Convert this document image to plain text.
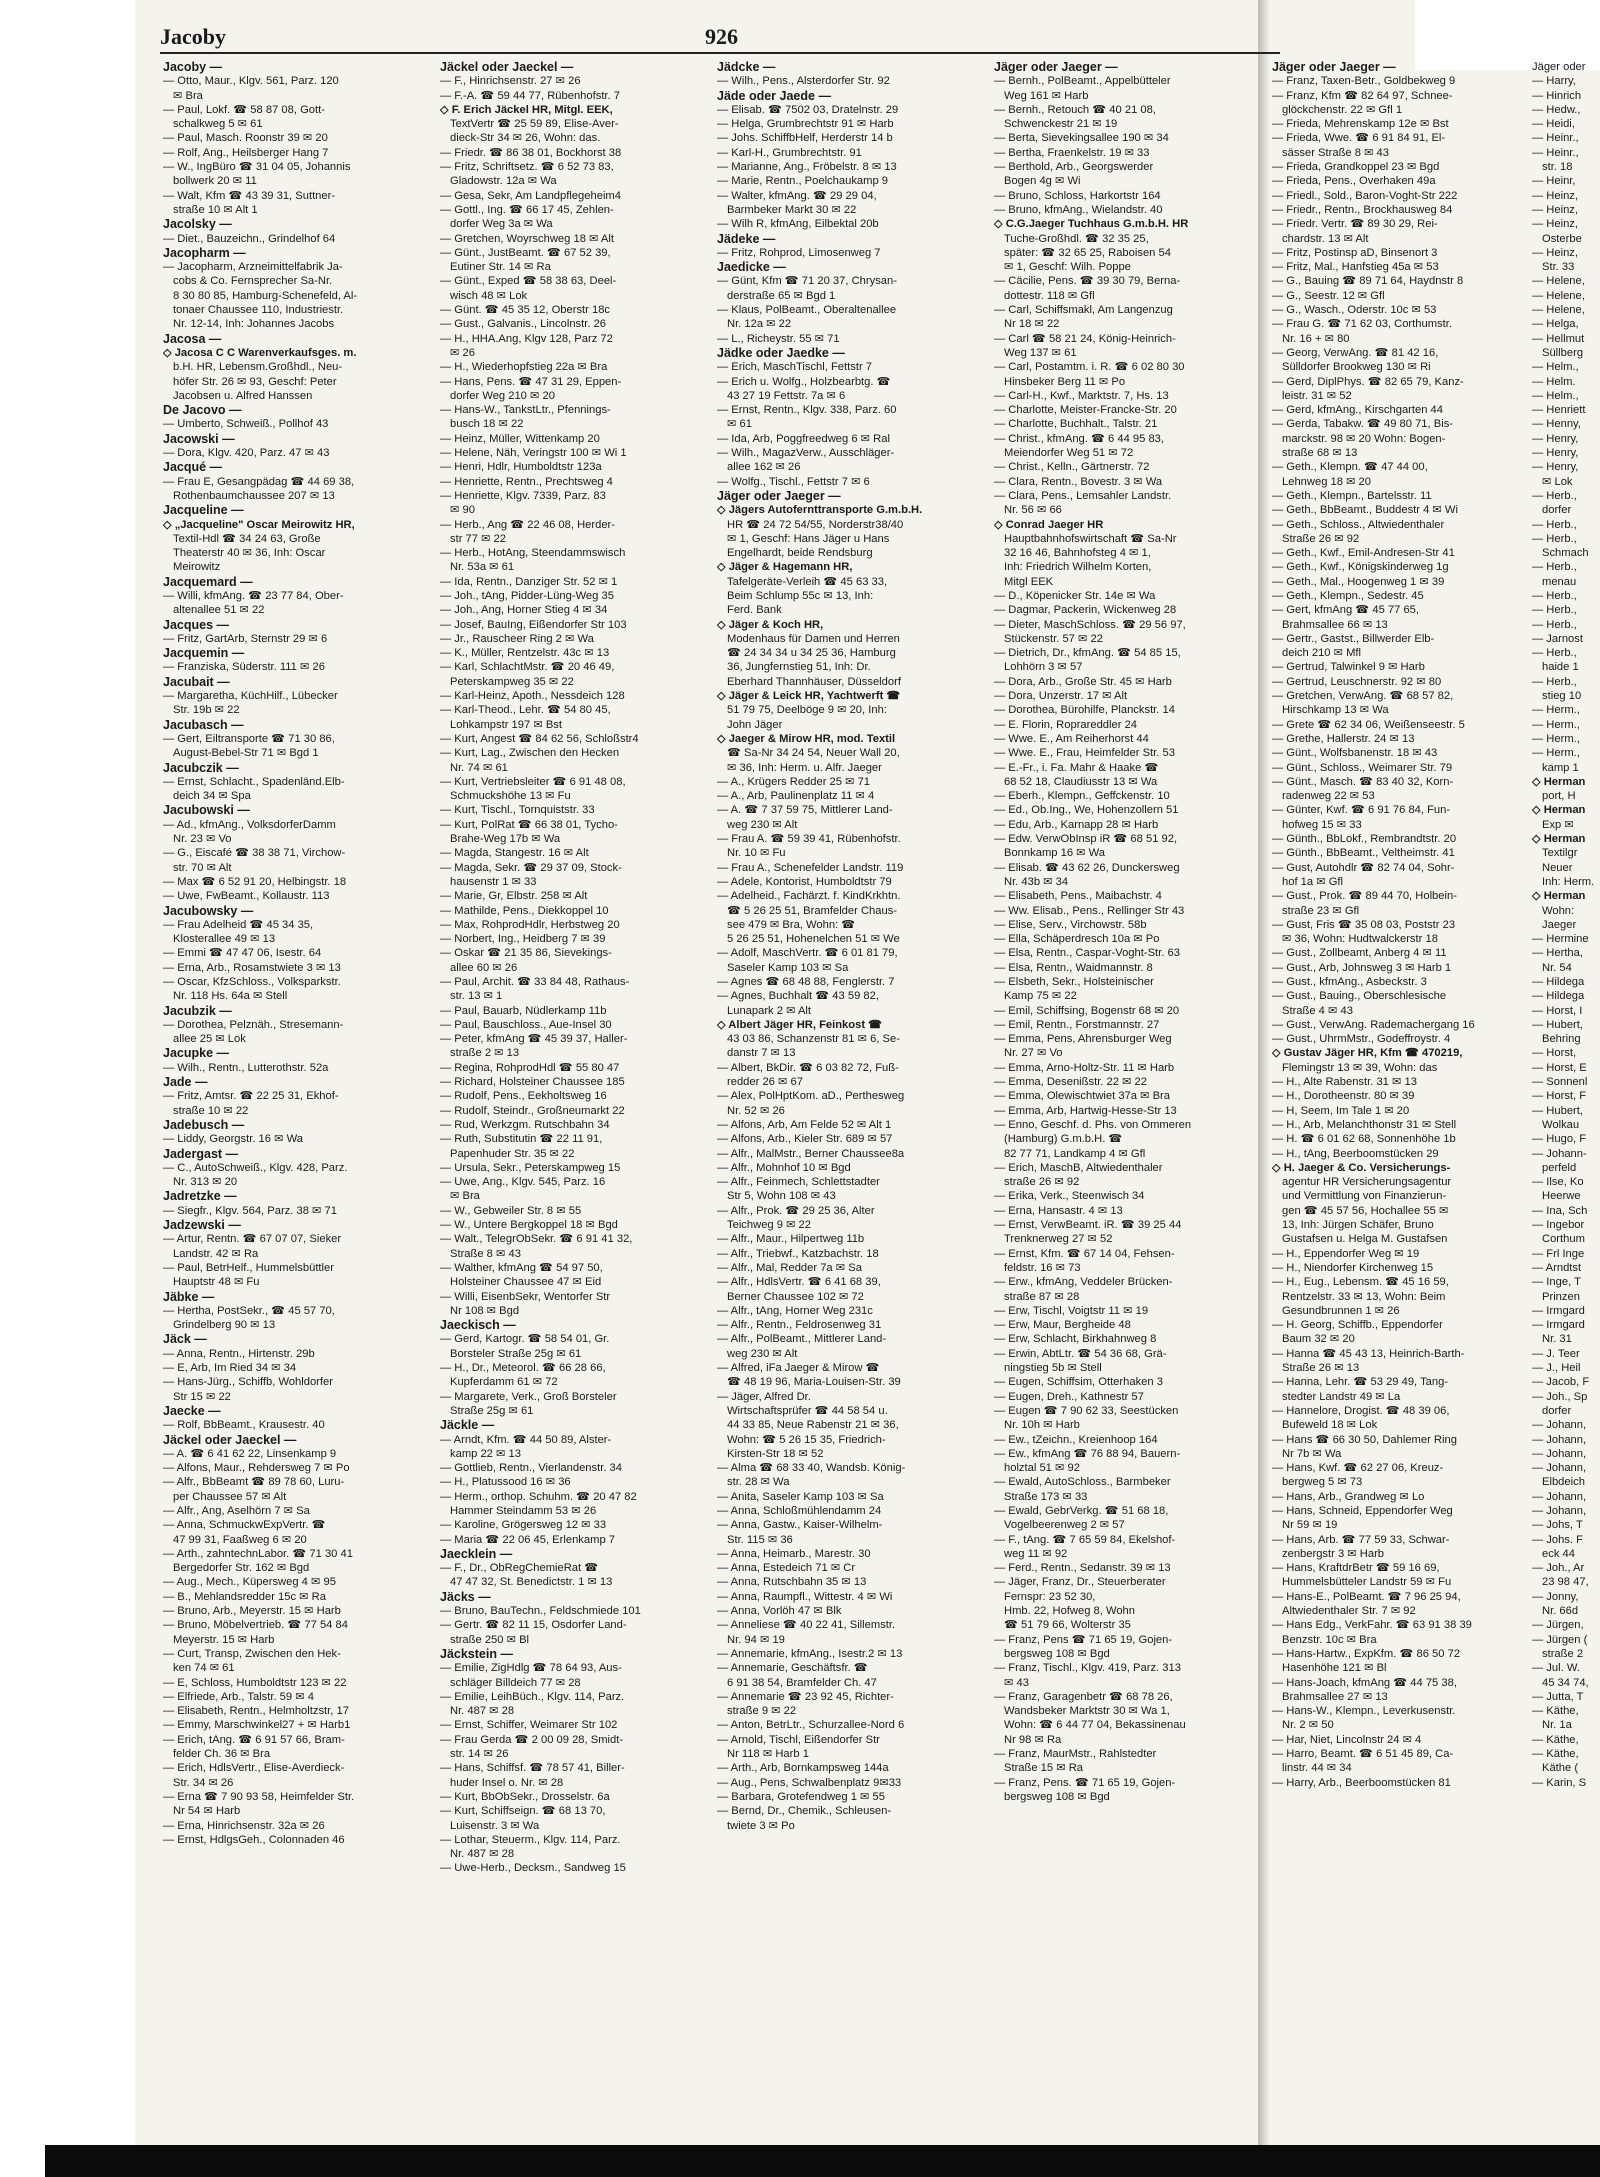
Jacoby	926
Jacoby —
— Otto, Maur., Klgv. 561, Parz. 120
✉ Bra
— Paul, Lokf. ☎ 58 87 08, Gott-
schalkweg 5 ✉ 61
— Paul, Masch. Roonstr 39 ✉ 20
— Rolf, Ang., Heilsberger Hang 7
— W., IngBüro ☎ 31 04 05, Johannis
bollwerk 20 ✉ 11
— Walt, Kfm ☎ 43 39 31, Suttner-
straße 10 ✉ Alt 1
Jacolsky —
— Diet., Bauzeichn., Grindelhof 64
Jacopharm —
— Jacopharm, Arzneimittelfabrik Ja-
cobs & Co. Fernsprecher Sa-Nr.
8 30 80 85, Hamburg-Schenefeld, Al-
tonaer Chaussee 110, Industriestr.
Nr. 12-14, Inh: Johannes Jacobs
Jacosa —
◇ Jacosa C C Warenverkaufsges. m.
b.H. HR, Lebensm.Großhdl., Neu-
höfer Str. 26 ✉ 93, Geschf: Peter
Jacobsen u. Alfred Hanssen
De Jacovo —
— Umberto, Schweiß., Pollhof 43
Jacowski —
— Dora, Klgv. 420, Parz. 47 ✉ 43
Jacqué —
— Frau E, Gesangpädag ☎ 44 69 38,
Rothenbaumchaussee 207 ✉ 13
Jacqueline —
◇ „Jacqueline" Oscar Meirowitz HR,
Textil-Hdl ☎ 34 24 63, Große
Theaterstr 40 ✉ 36, Inh: Oscar
Meirowitz
Jacquemard —
— Willi, kfmAng. ☎ 23 77 84, Ober-
altenallee 51 ✉ 22
Jacques —
— Fritz, GartArb, Sternstr 29 ✉ 6
Jacquemin —
— Franziska, Süderstr. 111 ✉ 26
Jacubait —
— Margaretha, KüchHilf., Lübecker
Str. 19b ✉ 22
Jacubasch —
— Gert, Eiltransporte ☎ 71 30 86,
August-Bebel-Str 71 ✉ Bgd 1
Jacubczik —
— Ernst, Schlacht., Spadenländ.Elb-
deich 34 ✉ Spa
Jacubowski —
— Ad., kfmAng., VolksdorferDamm
Nr. 23 ✉ Vo
— G., Eiscafé ☎ 38 38 71, Virchow-
str. 70 ✉ Alt
— Max ☎ 6 52 91 20, Helbingstr. 18
— Uwe, FwBeamt., Kollaustr. 113
Jacubowsky —
— Frau Adelheid ☎ 45 34 35,
Klosterallee 49 ✉ 13
— Emmi ☎ 47 47 06, Isestr. 64
— Erna, Arb., Rosamstwiete 3 ✉ 13
— Oscar, KfzSchloss., Volksparkstr.
Nr. 118 Hs. 64a ✉ Stell
Jacubzik —
— Dorothea, Pelznäh., Stresemann-
allee 25 ✉ Lok
Jacupke —
— Wilh., Rentn., Lutterothstr. 52a
Jade —
— Fritz, Amtsr. ☎ 22 25 31, Ekhof-
straße 10 ✉ 22
Jadebusch —
— Liddy, Georgstr. 16 ✉ Wa
Jadergast —
— C., AutoSchweiß., Klgv. 428, Parz.
Nr. 313 ✉ 20
Jadretzke —
— Siegfr., Klgv. 564, Parz. 38 ✉ 71
Jadzewski —
— Artur, Rentn. ☎ 67 07 07, Sieker
Landstr. 42 ✉ Ra
— Paul, BetrHelf., Hummelsbüttler
Hauptstr 48 ✉ Fu
Jäbke —
— Hertha, PostSekr., ☎ 45 57 70,
Grindelberg 90 ✉ 13
Jäck —
— Anna, Rentn., Hirtenstr. 29b
— E, Arb, Im Ried 34 ✉ 34
— Hans-Jürg., Schiffb, Wohldorfer
Str 15 ✉ 22
Jaecke —
— Rolf, BbBeamt., Krausestr. 40
Jäckel oder Jaeckel —
— A. ☎ 6 41 62 22, Linsenkamp 9
— Alfons, Maur., Rehdersweg 7 ✉ Po
— Alfr., BbBeamt ☎ 89 78 60, Luru-
per Chaussee 57 ✉ Alt
— Alfr., Ang, Aselhörn 7 ✉ Sa
— Anna, SchmuckwExpVertr. ☎
47 99 31, Faaßweg 6 ✉ 20
— Arth., zahntechnLabor. ☎ 71 30 41
Bergedorfer Str. 162 ✉ Bgd
— Aug., Mech., Küpersweg 4 ✉ 95
— B., Mehlandsredder 15c ✉ Ra
— Bruno, Arb., Meyerstr. 15 ✉ Harb
— Bruno, Möbelvertrieb. ☎ 77 54 84
Meyerstr. 15 ✉ Harb
— Curt, Transp, Zwischen den Hek-
ken 74 ✉ 61
— E, Schloss, Humboldtstr 123 ✉ 22
— Elfriede, Arb., Talstr. 59 ✉ 4
— Elisabeth, Rentn., Helmholtzstr, 17
— Emmy, Marschwinkel27 + ✉ Harb1
— Erich, tAng. ☎ 6 91 57 66, Bram-
felder Ch. 36 ✉ Bra
— Erich, HdlsVertr., Elise-Averdieck-
Str. 34 ✉ 26
— Erna ☎ 7 90 93 58, Heimfelder Str.
Nr 54 ✉ Harb
— Erna, Hinrichsenstr. 32a ✉ 26
— Ernst, HdlgsGeh., Colonnaden 46
Jäckel oder Jaeckel —
— F., Hinrichsenstr. 27 ✉ 26
— F.-A. ☎ 59 44 77, Rübenhofstr. 7
◇ F. Erich Jäckel HR, Mitgl. EEK,
TextVertr ☎ 25 59 89, Elise-Aver-
dieck-Str 34 ✉ 26, Wohn: das.
— Friedr. ☎ 86 38 01, Bockhorst 38
— Fritz, Schriftsetz. ☎ 6 52 73 83,
Gladowstr. 12a ✉ Wa
— Gesa, Sekr, Am Landpflegeheim4
— Gottl., Ing. ☎ 66 17 45, Zehlen-
dorfer Weg 3a ✉ Wa
— Gretchen, Woyrschweg 18 ✉ Alt
— Günt., JustBeamt. ☎ 67 52 39,
Eutiner Str. 14 ✉ Ra
— Günt., Exped ☎ 58 38 63, Deel-
wisch 48 ✉ Lok
— Günt. ☎ 45 35 12, Oberstr 18c
— Gust., Galvanis., Lincolnstr. 26
— H., HHA.Ang, Klgv 128, Parz 72
✉ 26
— H., Wiederhopfstieg 22a ✉ Bra
— Hans, Pens. ☎ 47 31 29, Eppen-
dorfer Weg 210 ✉ 20
— Hans-W., TankstLtr., Pfennings-
busch 18 ✉ 22
— Heinz, Müller, Wittenkamp 20
— Helene, Näh, Veringstr 100 ✉ Wi 1
— Henri, Hdlr, Humboldtstr 123a
— Henriette, Rentn., Prechtsweg 4
— Henriette, Klgv. 7339, Parz. 83
✉ 90
— Herb., Ang ☎ 22 46 08, Herder-
str 77 ✉ 22
— Herb., HotAng, Steendammswisch
Nr. 53a ✉ 61
— Ida, Rentn., Danziger Str. 52 ✉ 1
— Joh., tAng, Pidder-Lüng-Weg 35
— Joh., Ang, Horner Stieg 4 ✉ 34
— Josef, BauIng, Eißendorfer Str 103
— Jr., Rauscheer Ring 2 ✉ Wa
— K., Müller, Rentzelstr. 43c ✉ 13
— Karl, SchlachtMstr. ☎ 20 46 49,
Peterskampweg 35 ✉ 22
— Karl-Heinz, Apoth., Nessdeich 128
— Karl-Theod., Lehr. ☎ 54 80 45,
Lohkampstr 197 ✉ Bst
— Kurt, Angest ☎ 84 62 56, Schloßstr4
— Kurt, Lag., Zwischen den Hecken
Nr. 74 ✉ 61
— Kurt, Vertriebsleiter ☎ 6 91 48 08,
Schmuckshöhe 13 ✉ Fu
— Kurt, Tischl., Tornquiststr. 33
— Kurt, PolRat ☎ 66 38 01, Tycho-
Brahe-Weg 17b ✉ Wa
— Magda, Stangestr. 16 ✉ Alt
— Magda, Sekr. ☎ 29 37 09, Stock-
hausenstr 1 ✉ 33
— Marie, Gr, Elbstr. 258 ✉ Alt
— Mathilde, Pens., Diekkoppel 10
— Max, RohprodHdlr, Herbstweg 20
— Norbert, Ing., Heidberg 7 ✉ 39
— Oskar ☎ 21 35 86, Sievekings-
allee 60 ✉ 26
— Paul, Archit. ☎ 33 84 48, Rathaus-
str. 13 ✉ 1
— Paul, Bauarb, Nüdlerkamp 11b
— Paul, Bauschloss., Aue-Insel 30
— Peter, kfmAng ☎ 45 39 37, Haller-
straße 2 ✉ 13
— Regina, RohprodHdl ☎ 55 80 47
— Richard, Holsteiner Chaussee 185
— Rudolf, Pens., Eekholtsweg 16
— Rudolf, Steindr., Großneumarkt 22
— Rud, Werkzgm. Rutschbahn 34
— Ruth, Substitutin ☎ 22 11 91,
Papenhuder Str. 35 ✉ 22
— Ursula, Sekr., Peterskampweg 15
— Uwe, Ang., Klgv. 545, Parz. 16
✉ Bra
— W., Gebweiler Str. 8 ✉ 55
— W., Untere Bergkoppel 18 ✉ Bgd
— Walt., TelegrObSekr. ☎ 6 91 41 32,
Straße 8 ✉ 43
— Walther, kfmAng ☎ 54 97 50,
Holsteiner Chaussee 47 ✉ Eid
— Willi, EisenbSekr, Wentorfer Str
Nr 108 ✉ Bgd
Jaeckisch —
— Gerd, Kartogr. ☎ 58 54 01, Gr.
Borsteler Straße 25g ✉ 61
— H., Dr., Meteorol. ☎ 66 28 66,
Kupferdamm 61 ✉ 72
— Margarete, Verk., Groß Borsteler
Straße 25g ✉ 61
Jäckle —
— Arndt, Kfm. ☎ 44 50 89, Alster-
kamp 22 ✉ 13
— Gottlieb, Rentn., Vierlandenstr. 34
— H., Platussood 16 ✉ 36
— Herm., orthop. Schuhm. ☎ 20 47 82
Hammer Steindamm 53 ✉ 26
— Karoline, Grögersweg 12 ✉ 33
— Maria ☎ 22 06 45, Erlenkamp 7
Jaecklein —
— F., Dr., ObRegChemieRat ☎
47 47 32, St. Benedictstr. 1 ✉ 13
Jäcks —
— Bruno, BauTechn., Feldschmiede 101
— Gertr. ☎ 82 11 15, Osdorfer Land-
straße 250 ✉ Bl
Jäckstein —
— Emilie, ZigHdlg ☎ 78 64 93, Aus-
schläger Billdeich 77 ✉ 28
— Emilie, LeihBüch., Klgv. 114, Parz.
Nr. 487 ✉ 28
— Ernst, Schiffer, Weimarer Str 102
— Frau Gerda ☎ 2 00 09 28, Smidt-
str. 14 ✉ 26
— Hans, Schiffsf. ☎ 78 57 41, Biller-
huder Insel o. Nr. ✉ 28
— Kurt, BbObSekr., Drosselstr. 6a
— Kurt, Schiffseign. ☎ 68 13 70,
Luisenstr. 3 ✉ Wa
— Lothar, Steuerm., Klgv. 114, Parz.
Nr. 487 ✉ 28
— Uwe-Herb., Decksm., Sandweg 15
Jädcke —
— Wilh., Pens., Alsterdorfer Str. 92
Jäde oder Jaede —
— Elisab. ☎ 7502 03, Dratelnstr. 29
— Helga, Grumbrechtstr 91 ✉ Harb
— Johs. SchiffbHelf, Herderstr 14 b
— Karl-H., Grumbrechtstr. 91
— Marianne, Ang., Fröbelstr. 8 ✉ 13
— Marie, Rentn., Poelchaukamp 9
— Walter, kfmAng. ☎ 29 29 04,
Barmbeker Markt 30 ✉ 22
— Wilh R, kfmAng, Eilbektal 20b
Jädeke —
— Fritz, Rohprod, Limosenweg 7
Jaedicke —
— Günt, Kfm ☎ 71 20 37, Chrysan-
derstraße 65 ✉ Bgd 1
— Klaus, PolBeamt., Oberaltenallee
Nr. 12a ✉ 22
— L., Richeystr. 55 ✉ 71
Jädke oder Jaedke —
— Erich, MaschTischl, Fettstr 7
— Erich u. Wolfg., Holzbearbtg. ☎
43 27 19 Fettstr. 7a ✉ 6
— Ernst, Rentn., Klgv. 338, Parz. 60
✉ 61
— Ida, Arb, Poggfreedweg 6 ✉ Ral
— Wilh., MagazVerw., Ausschläger-
allee 162 ✉ 26
— Wolfg., Tischl., Fettstr 7 ✉ 6
Jäger oder Jaeger —
◇ Jägers Autofernttransporte G.m.b.H.
HR ☎ 24 72 54/55, Norderstr38/40
✉ 1, Geschf: Hans Jäger u Hans
Engelhardt, beide Rendsburg
◇ Jäger & Hagemann HR,
Tafelgeräte-Verleih ☎ 45 63 33,
Beim Schlump 55c ✉ 13, Inh:
Ferd. Bank
◇ Jäger & Koch HR,
Modenhaus für Damen und Herren
☎ 24 34 34 u 34 25 36, Hamburg
36, Jungfernstieg 51, Inh: Dr.
Eberhard Thannhäuser, Düsseldorf
◇ Jäger & Leick HR, Yachtwerft ☎
51 79 75, Deelböge 9 ✉ 20, Inh:
John Jäger
◇ Jaeger & Mirow HR, mod. Textil
☎ Sa-Nr 34 24 54, Neuer Wall 20,
✉ 36, Inh: Herm. u. Alfr. Jaeger
— A., Krügers Redder 25 ✉ 71
— A., Arb, Paulinenplatz 11 ✉ 4
— A. ☎ 7 37 59 75, Mittlerer Land-
weg 230 ✉ Alt
— Frau A. ☎ 59 39 41, Rübenhofstr.
Nr. 10 ✉ Fu
— Frau A., Schenefelder Landstr. 119
— Adele, Kontorist, Humboldtstr 79
— Adelheid., Fachärzt. f. KindKrkhtn.
☎ 5 26 25 51, Bramfelder Chaus-
see 479 ✉ Bra, Wohn: ☎
5 26 25 51, Hohenelchen 51 ✉ We
— Adolf, MaschVertr. ☎ 6 01 81 79,
Saseler Kamp 103 ✉ Sa
— Agnes ☎ 68 48 88, Fenglerstr. 7
— Agnes, Buchhalt ☎ 43 59 82,
Lunapark 2 ✉ Alt
◇ Albert Jäger HR, Feinkost ☎
43 03 86, Schanzenstr 81 ✉ 6, Se-
danstr 7 ✉ 13
— Albert, BkDir. ☎ 6 03 82 72, Fuß-
redder 26 ✉ 67
— Alex, PolHptKom. aD., Perthesweg
Nr. 52 ✉ 26
— Alfons, Arb, Am Felde 52 ✉ Alt 1
— Alfons, Arb., Kieler Str. 689 ✉ 57
— Alfr., MalMstr., Berner Chaussee8a
— Alfr., Mohnhof 10 ✉ Bgd
— Alfr., Feinmech, Schlettstadter
Str 5, Wohn 108 ✉ 43
— Alfr., Prok. ☎ 29 25 36, Alter
Teichweg 9 ✉ 22
— Alfr., Maur., Hilpertweg 11b
— Alfr., Triebwf., Katzbachstr. 18
— Alfr., Mal, Redder 7a ✉ Sa
— Alfr., HdlsVertr. ☎ 6 41 68 39,
Berner Chaussee 102 ✉ 72
— Alfr., tAng, Horner Weg 231c
— Alfr., Rentn., Feldrosenweg 31
— Alfr., PolBeamt., Mittlerer Land-
weg 230 ✉ Alt
— Alfred, iFa Jaeger & Mirow ☎
☎ 48 19 96, Maria-Louisen-Str. 39
— Jäger, Alfred Dr.
Wirtschaftsprüfer ☎ 44 58 54 u.
44 33 85, Neue Rabenstr 21 ✉ 36,
Wohn: ☎ 5 26 15 35, Friedrich-
Kirsten-Str 18 ✉ 52
— Alma ☎ 68 33 40, Wandsb. König-
str. 28 ✉ Wa
— Anita, Saseler Kamp 103 ✉ Sa
— Anna, Schloßmühlendamm 24
— Anna, Gastw., Kaiser-Wilhelm-
Str. 115 ✉ 36
— Anna, Heimarb., Marestr. 30
— Anna, Estedeich 71 ✉ Cr
— Anna, Rutschbahn 35 ✉ 13
— Anna, Raumpfl., Wittestr. 4 ✉ Wi
— Anna, Vorlöh 47 ✉ Blk
— Anneliese ☎ 40 22 41, Sillemstr.
Nr. 94 ✉ 19
— Annemarie, kfmAng., Isestr.2 ✉ 13
— Annemarie, Geschäftsfr. ☎
6 91 38 54, Bramfelder Ch. 47
— Annemarie ☎ 23 92 45, Richter-
straße 9 ✉ 22
— Anton, BetrLtr., Schurzallee-Nord 6
— Arnold, Tischl, Eißendorfer Str
Nr 118 ✉ Harb 1
— Arth., Arb, Bornkampsweg 144a
— Aug., Pens, Schwalbenplatz 9✉33
— Barbara, Grotefendweg 1 ✉ 55
— Bernd, Dr., Chemik., Schleusen-
twiete 3 ✉ Po
Jäger oder Jaeger —
— Bernh., PolBeamt., Appelbütteler
Weg 161 ✉ Harb
— Bernh., Retouch ☎ 40 21 08,
Schwenckestr 21 ✉ 19
— Berta, Sievekingsallee 190 ✉ 34
— Bertha, Fraenkelstr. 19 ✉ 33
— Berthold, Arb., Georgswerder
Bogen 4g ✉ Wi
— Bruno, Schloss, Harkortstr 164
— Bruno, kfmAng., Wielandstr. 40
◇ C.G.Jaeger Tuchhaus G.m.b.H. HR
Tuche-Großhdl. ☎ 32 35 25,
später: ☎ 32 65 25, Raboisen 54
✉ 1, Geschf: Wilh. Poppe
— Cäcilie, Pens. ☎ 39 30 79, Berna-
dottestr. 118 ✉ Gfl
— Carl, Schiffsmakl, Am Langenzug
Nr 18 ✉ 22
— Carl ☎ 58 21 24, König-Heinrich-
Weg 137 ✉ 61
— Carl, Postamtm. i. R. ☎ 6 02 80 30
Hinsbeker Berg 11 ✉ Po
— Carl-H., Kwf., Marktstr. 7, Hs. 13
— Charlotte, Meister-Francke-Str. 20
— Charlotte, Buchhalt., Talstr. 21
— Christ., kfmAng. ☎ 6 44 95 83,
Meiendorfer Weg 51 ✉ 72
— Christ., Kelln., Gärtnerstr. 72
— Clara, Rentn., Bovestr. 3 ✉ Wa
— Clara, Pens., Lemsahler Landstr.
Nr. 56 ✉ 66
◇ Conrad Jaeger HR
Hauptbahnhofswirtschaft ☎ Sa-Nr
32 16 46, Bahnhofsteg 4 ✉ 1,
Inh: Friedrich Wilhelm Korten,
Mitgl EEK
— D., Köpenicker Str. 14e ✉ Wa
— Dagmar, Packerin, Wickenweg 28
— Dieter, MaschSchloss. ☎ 29 56 97,
Stückenstr. 57 ✉ 22
— Dietrich, Dr., kfmAng. ☎ 54 85 15,
Lohhörn 3 ✉ 57
— Dora, Arb., Große Str. 45 ✉ Harb
— Dora, Unzerstr. 17 ✉ Alt
— Dorothea, Bürohilfe, Planckstr. 14
— E. Florin, Roprareddler 24
— Wwe. E., Am Reiherhorst 44
— Wwe. E., Frau, Heimfelder Str. 53
— E.-Fr., i. Fa. Mahr & Haake ☎
68 52 18, Claudiusstr 13 ✉ Wa
— Eberh., Klempn., Geffckenstr. 10
— Ed., Ob.Ing., We, Hohenzollern 51
— Edu, Arb., Karnapp 28 ✉ Harb
— Edw. VerwObInsp iR ☎ 68 51 92,
Bonnkamp 16 ✉ Wa
— Elisab. ☎ 43 62 26, Dunckersweg
Nr. 43b ✉ 34
— Elisabeth, Pens., Maibachstr. 4
— Ww. Elisab., Pens., Rellinger Str 43
— Elise, Serv., Virchowstr. 58b
— Ella, Schäperdresch 10a ✉ Po
— Elsa, Rentn., Caspar-Voght-Str. 63
— Elsa, Rentn., Waidmannstr. 8
— Elsbeth, Sekr., Holsteinischer
Kamp 75 ✉ 22
— Emil, Schiffsing, Bogenstr 68 ✉ 20
— Emil, Rentn., Forstmannstr. 27
— Emma, Pens, Ahrensburger Weg
Nr. 27 ✉ Vo
— Emma, Arno-Holtz-Str. 11 ✉ Harb
— Emma, Desenißstr. 22 ✉ 22
— Emma, Olewischtwiet 37a ✉ Bra
— Emma, Arb, Hartwig-Hesse-Str 13
— Enno, Geschf. d. Phs. von Ommeren
(Hamburg) G.m.b.H. ☎
82 77 71, Landkamp 4 ✉ Gfl
— Erich, MaschB, Altwiedenthaler
straße 26 ✉ 92
— Erika, Verk., Steenwisch 34
— Erna, Hansastr. 4 ✉ 13
— Ernst, VerwBeamt. iR. ☎ 39 25 44
Trenknerweg 27 ✉ 52
— Ernst, Kfm. ☎ 67 14 04, Fehsen-
feldstr. 16 ✉ 73
— Erw., kfmAng, Veddeler Brücken-
straße 87 ✉ 28
— Erw, Tischl, Voigtstr 11 ✉ 19
— Erw, Maur, Bergheide 48
— Erw, Schlacht, Birkhahnweg 8
— Erwin, AbtLtr. ☎ 54 36 68, Grä-
ningstieg 5b ✉ Stell
— Eugen, Schiffsim, Otterhaken 3
— Eugen, Dreh., Kathnestr 57
— Eugen ☎ 7 90 62 33, Seestücken
Nr. 10h ✉ Harb
— Ew., tZeichn., Kreienhoop 164
— Ew., kfmAng ☎ 76 88 94, Bauern-
holztal 51 ✉ 92
— Ewald, AutoSchloss., Barmbeker
Straße 173 ✉ 33
— Ewald, GebrVerkg. ☎ 51 68 18,
Vogelbeerenweg 2 ✉ 57
— F., tAng. ☎ 7 65 59 84, Ekelshof-
weg 11 ✉ 92
— Ferd., Rentn., Sedanstr. 39 ✉ 13
— Jäger, Franz, Dr., Steuerberater
Fernspr: 23 52 30,
Hmb. 22, Hofweg 8, Wohn
☎ 51 79 66, Wolterstr 35
— Franz, Pens ☎ 71 65 19, Gojen-
bergsweg 108 ✉ Bgd
— Franz, Tischl., Klgv. 419, Parz. 313
✉ 43
— Franz, Garagenbetr ☎ 68 78 26,
Wandsbeker Marktstr 30 ✉ Wa 1,
Wohn: ☎ 6 44 77 04, Bekassinenau
Nr 98 ✉ Ra
— Franz, MaurMstr., Rahlstedter
Straße 15 ✉ Ra
— Franz, Pens. ☎ 71 65 19, Gojen-
bergsweg 108 ✉ Bgd
Jäger oder Jaeger —
— Franz, Taxen-Betr., Goldbekweg 9
— Franz, Kfm ☎ 82 64 97, Schnee-
glöckchenstr. 22 ✉ Gfl 1
— Frieda, Mehrenskamp 12e ✉ Bst
— Frieda, Wwe. ☎ 6 91 84 91, El-
sässer Straße 8 ✉ 43
— Frieda, Grandkoppel 23 ✉ Bgd
— Frieda, Pens., Overhaken 49a
— Friedl., Sold., Baron-Voght-Str 222
— Friedr., Rentn., Brockhausweg 84
— Friedr. Vertr. ☎ 89 30 29, Rei-
chardstr. 13 ✉ Alt
— Fritz, Postinsp aD, Binsenort 3
— Fritz, Mal., Hanfstieg 45a ✉ 53
— G., Bauing ☎ 89 71 64, Haydnstr 8
— G., Seestr. 12 ✉ Gfl
— G., Wasch., Oderstr. 10c ✉ 53
— Frau G. ☎ 71 62 03, Corthumstr.
Nr. 16 + ✉ 80
— Georg, VerwAng. ☎ 81 42 16,
Sülldorfer Brookweg 130 ✉ Ri
— Gerd, DiplPhys. ☎ 82 65 79, Kanz-
leistr. 31 ✉ 52
— Gerd, kfmAng., Kirschgarten 44
— Gerda, Tabakw. ☎ 49 80 71, Bis-
marckstr. 98 ✉ 20 Wohn: Bogen-
straße 68 ✉ 13
— Geth., Klempn. ☎ 47 44 00,
Lehnweg 18 ✉ 20
— Geth., Klempn., Bartelsstr. 11
— Geth., BbBeamt., Buddestr 4 ✉ Wi
— Geth., Schloss., Altwiedenthaler
Straße 26 ✉ 92
— Geth., Kwf., Emil-Andresen-Str 41
— Geth., Kwf., Königskinderweg 1g
— Geth., Mal., Hoogenweg 1 ✉ 39
— Geth., Klempn., Sedestr. 45
— Gert, kfmAng ☎ 45 77 65,
Brahmsallee 66 ✉ 13
— Gertr., Gastst., Billwerder Elb-
deich 210 ✉ Mfl
— Gertrud, Talwinkel 9 ✉ Harb
— Gertrud, Leuschnerstr. 92 ✉ 80
— Gretchen, VerwAng. ☎ 68 57 82,
Hirschkamp 13 ✉ Wa
— Grete ☎ 62 34 06, Weißenseestr. 5
— Grethe, Hallerstr. 24 ✉ 13
— Günt., Wolfsbanenstr. 18 ✉ 43
— Günt., Schloss., Weimarer Str. 79
— Günt., Masch. ☎ 83 40 32, Korn-
radenweg 22 ✉ 53
— Günter, Kwf. ☎ 6 91 76 84, Fun-
hofweg 15 ✉ 33
— Günth., BbLokf., Rembrandtstr. 20
— Günth., BbBeamt., Veltheimstr. 41
— Gust, Autohdlr ☎ 82 74 04, Sohr-
hof 1a ✉ Gfl
— Gust., Prok. ☎ 89 44 70, Holbein-
straße 23 ✉ Gfl
— Gust, Fris ☎ 35 08 03, Poststr 23
✉ 36, Wohn: Hudtwalckerstr 18
— Gust., Zollbeamt, Anberg 4 ✉ 11
— Gust., Arb, Johnsweg 3 ✉ Harb 1
— Gust., kfmAng., Asbeckstr. 3
— Gust., Bauing., Oberschlesische
Straße 4 ✉ 43
— Gust., VerwAng. Rademachergang 16
— Gust., UhrmMstr., Godeffroystr. 4
◇ Gustav Jäger HR, Kfm ☎ 470219,
Flemingstr 13 ✉ 39, Wohn: das
— H., Alte Rabenstr. 31 ✉ 13
— H., Dorotheenstr. 80 ✉ 39
— H, Seem, Im Tale 1 ✉ 20
— H., Arb, Melanchthonstr 31 ✉ Stell
— H. ☎ 6 01 62 68, Sonnenhöhe 1b
— H., tAng, Beerboomstücken 29
◇ H. Jaeger & Co. Versicherungs-
agentur HR Versicherungsagentur
und Vermittlung von Finanzierun-
gen ☎ 45 57 56, Hochallee 55 ✉
13, Inh: Jürgen Schäfer, Bruno
Gustafsen u. Helga M. Gustafsen
— H., Eppendorfer Weg ✉ 19
— H., Niendorfer Kirchenweg 15
— H., Eug., Lebensm. ☎ 45 16 59,
Rentzelstr. 33 ✉ 13, Wohn: Beim
Gesundbrunnen 1 ✉ 26
— H. Georg, Schiffb., Eppendorfer
Baum 32 ✉ 20
— Hanna ☎ 45 43 13, Heinrich-Barth-
Straße 26 ✉ 13
— Hanna, Lehr. ☎ 53 29 49, Tang-
stedter Landstr 49 ✉ La
— Hannelore, Drogist. ☎ 48 39 06,
Bufeweld 18 ✉ Lok
— Hans ☎ 66 30 50, Dahlemer Ring
Nr 7b ✉ Wa
— Hans, Kwf. ☎ 62 27 06, Kreuz-
bergweg 5 ✉ 73
— Hans, Arb., Grandweg ✉ Lo
— Hans, Schneid, Eppendorfer Weg
Nr 59 ✉ 19
— Hans, Arb. ☎ 77 59 33, Schwar-
zenbergstr 3 ✉ Harb
— Hans, KraftdrBetr ☎ 59 16 69,
Hummelsbütteler Landstr 59 ✉ Fu
— Hans-E., PolBeamt. ☎ 7 96 25 94,
Altwiedenthaler Str. 7 ✉ 92
— Hans Edg., VerkFahr. ☎ 63 91 38 39
Benzstr. 10c ✉ Bra
— Hans-Hartw., ExpKfm. ☎ 86 50 72
Hasenhöhe 121 ✉ Bl
— Hans-Joach, kfmAng ☎ 44 75 38,
Brahmsallee 27 ✉ 13
— Hans-W., Klempn., Leverkusenstr.
Nr. 2 ✉ 50
— Har, Niet, Lincolnstr 24 ✉ 4
— Harro, Beamt. ☎ 6 51 45 89, Ca-
linstr. 44 ✉ 34
— Harry, Arb., Beerboomstücken 81
Jäger oder
— Harry,
— Hinrich
— Hedw.,
— Heidi,
— Heinr.,
— Heinr.,
str. 18
— Heinr,
— Heinz,
— Heinz,
— Heinz,
Osterbe
— Heinz,
Str. 33
— Helene,
— Helene,
— Helene,
— Helga,
— Hellmut
Süllberg
— Helm.,
— Helm.
— Helm.,
— Henriett
— Henny,
— Henry,
— Henry,
— Henry,
✉ Lok
— Herb.,
dorfer
— Herb.,
— Herb.,
Schmach
— Herb.,
menau
— Herb.,
— Herb.,
— Herb.,
— Jarnost
— Herb.,
haide 1
— Herb.,
stieg 10
— Herm.,
— Herm.,
— Herm.,
— Herm.,
kamp 1
◇ Herman
port, H
◇ Herman
Exp ✉
◇ Herman
Textilgr
Neuer
Inh: Herm.
◇ Herman
Wohn:
Jaeger
— Hermine
— Hertha,
Nr. 54
— Hildega
— Hildega
— Horst, I
— Hubert,
Behring
— Horst,
— Horst, E
— Sonnenl
— Horst, F
— Hubert,
Wolkau
— Hugo, F
— Johann-
perfeld
— Ilse, Ko
Heerwe
— Ina, Sch
— Ingebor
Corthum
— Frl Inge
— Arndtst
— Inge, T
Prinzen
— Irmgard
— Irmgard
Nr. 31
— J. Teer
— J., Heil
— Jacob, F
— Joh., Sp
dorfer
— Johann,
— Johann,
— Johann,
— Johann,
Elbdeich
— Johann,
— Johann,
— Johs, T
— Johs. F
eck 44
— Joh., Ar
23 98 47,
— Jonny,
Nr. 66d
— Jürgen,
— Jürgen (
straße 2
— Jul. W.
45 34 74,
— Jutta, T
— Käthe,
Nr. 1a
— Käthe,
— Käthe,
Käthe (
— Karin, S
